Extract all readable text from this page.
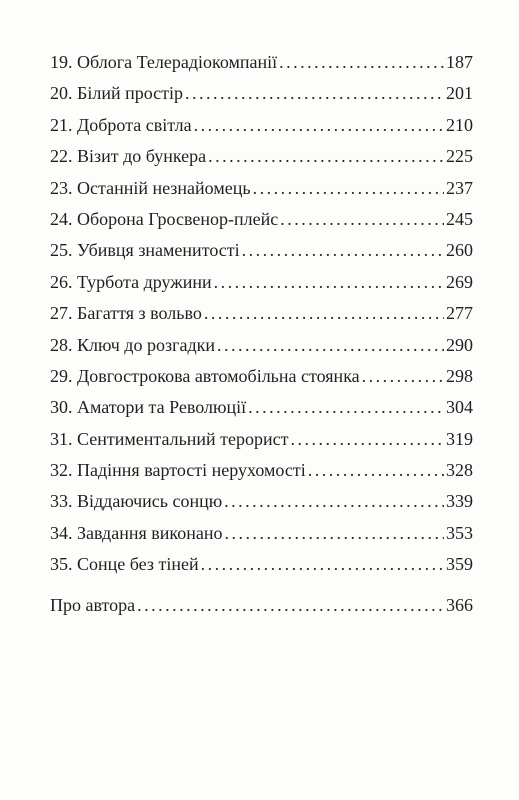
19. Облога Телерадіокомпанії . . .	187
20. Білий простір . . .	201
21. Доброта світла . . .	210
22. Візит до бункера . . .	225
23. Останній незнайомець . . .	237
24. Оборона Гросвенор-плейс . . .	245
25. Убивця знаменитості . . .	260
26. Турбота дружини . . .	269
27. Багаття з вольво . . .	277
28. Ключ до розгадки . . .	290
29. Довгострокова автомобільна стоянка . . .	298
30. Аматори та Революції . . .	304
31. Сентиментальний терорист . . .	319
32. Падіння вартості нерухомості . . .	328
33. Віддаючись сонцю . . .	339
34. Завдання виконано . . .	353
35. Сонце без тіней . . .	359
Про автора . . .	366
